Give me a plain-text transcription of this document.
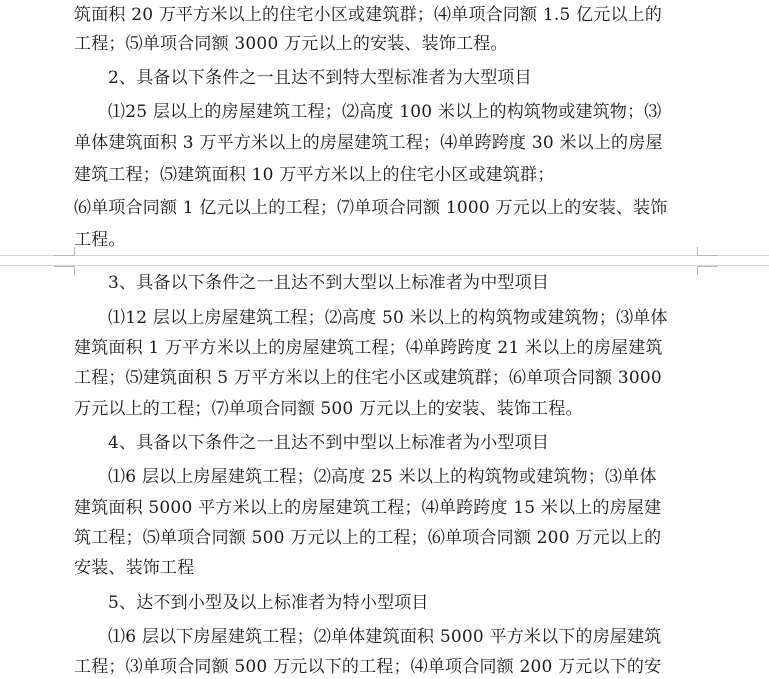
筑面积 20 万平方米以上的住宅小区或建筑群；⑷单项合同额 1.5 亿元以上的
工程；⑸单项合同额 3000 万元以上的安装、装饰工程。
2、具备以下条件之一且达不到特大型标准者为大型项目
⑴25 层以上的房屋建筑工程；⑵高度 100 米以上的构筑物或建筑物；⑶
单体建筑面积 3 万平方米以上的房屋建筑工程；⑷单跨跨度 30 米以上的房屋
建筑工程；⑸建筑面积 10 万平方米以上的住宅小区或建筑群；
⑹单项合同额 1 亿元以上的工程；⑺单项合同额 1000 万元以上的安装、装饰
工程。
3、具备以下条件之一且达不到大型以上标准者为中型项目
⑴12 层以上房屋建筑工程；⑵高度 50 米以上的构筑物或建筑物；⑶单体
建筑面积 1 万平方米以上的房屋建筑工程；⑷单跨跨度 21 米以上的房屋建筑
工程；⑸建筑面积 5 万平方米以上的住宅小区或建筑群；⑹单项合同额 3000
万元以上的工程；⑺单项合同额 500 万元以上的安装、装饰工程。
4、具备以下条件之一且达不到中型以上标准者为小型项目
⑴6 层以上房屋建筑工程；⑵高度 25 米以上的构筑物或建筑物；⑶单体
建筑面积 5000 平方米以上的房屋建筑工程；⑷单跨跨度 15 米以上的房屋建
筑工程；⑸单项合同额 500 万元以上的工程；⑹单项合同额 200 万元以上的
安装、装饰工程
5、达不到小型及以上标准者为特小型项目
⑴6 层以下房屋建筑工程；⑵单体建筑面积 5000 平方米以下的房屋建筑
工程；⑶单项合同额 500 万元以下的工程；⑷单项合同额 200 万元以下的安
